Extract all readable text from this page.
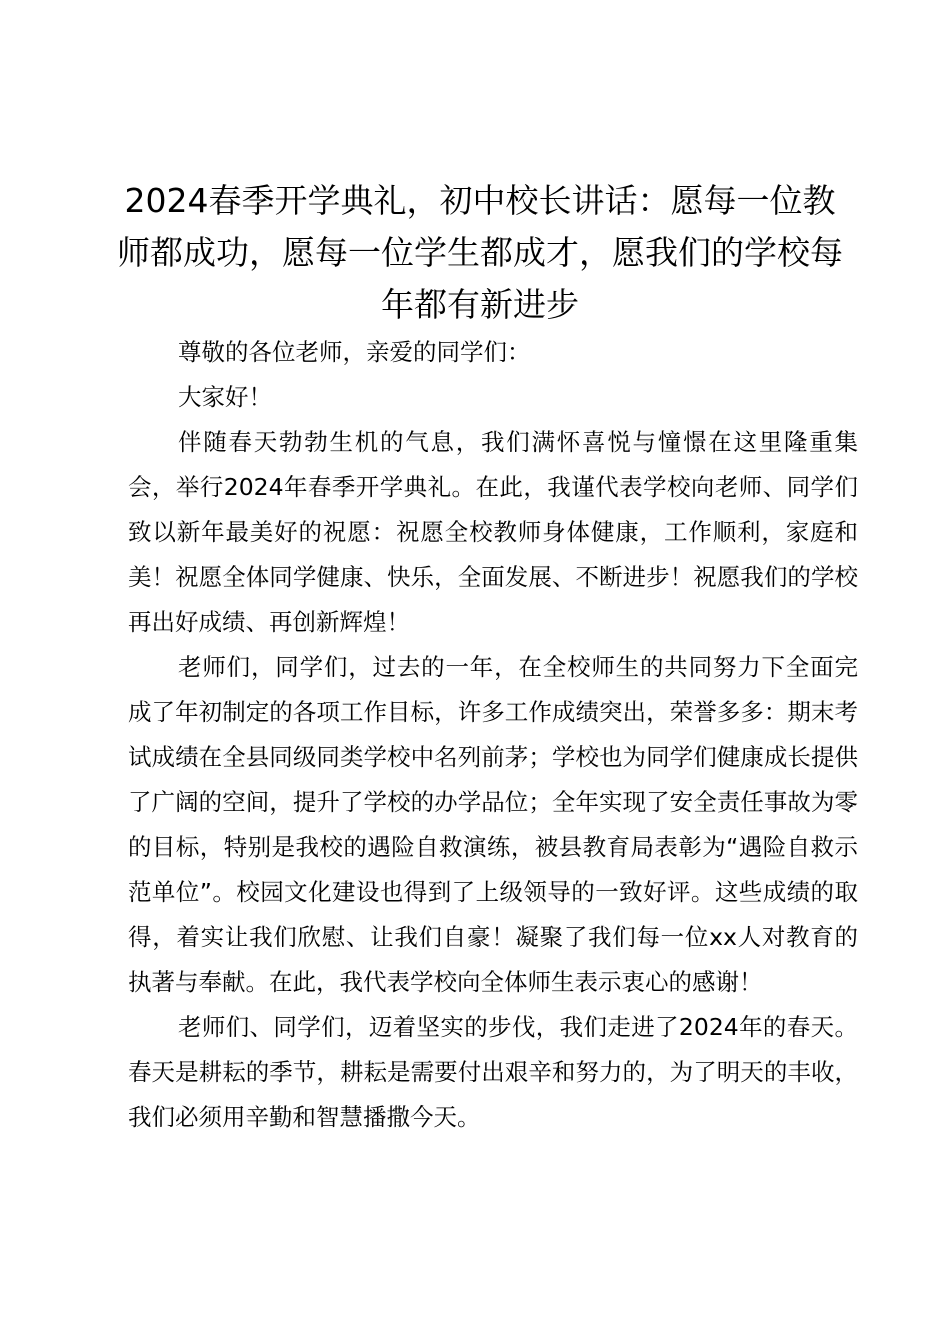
2024春季开学典礼，初中校长讲话：愿每一位教师都成功，愿每一位学生都成才，愿我们的学校每年都有新进步

尊敬的各位老师，亲爱的同学们：

大家好！

伴随春天勃勃生机的气息，我们满怀喜悦与憧憬在这里隆重集会，举行2024年春季开学典礼。在此，我谨代表学校向老师、同学们致以新年最美好的祝愿：祝愿全校教师身体健康，工作顺利，家庭和美！祝愿全体同学健康、快乐，全面发展、不断进步！祝愿我们的学校再出好成绩、再创新辉煌！

老师们，同学们，过去的一年，在全校师生的共同努力下全面完成了年初制定的各项工作目标，许多工作成绩突出，荣誉多多：期末考试成绩在全县同级同类学校中名列前茅；学校也为同学们健康成长提供了广阔的空间，提升了学校的办学品位；全年实现了安全责任事故为零的目标，特别是我校的遇险自救演练，被县教育局表彰为“遇险自救示范单位”。校园文化建设也得到了上级领导的一致好评。这些成绩的取得，着实让我们欣慰、让我们自豪！凝聚了我们每一位xx人对教育的执著与奉献。在此，我代表学校向全体师生表示衷心的感谢！

老师们、同学们，迈着坚实的步伐，我们走进了2024年的春天。春天是耕耘的季节，耕耘是需要付出艰辛和努力的，为了明天的丰收，我们必须用辛勤和智慧播撒今天。
